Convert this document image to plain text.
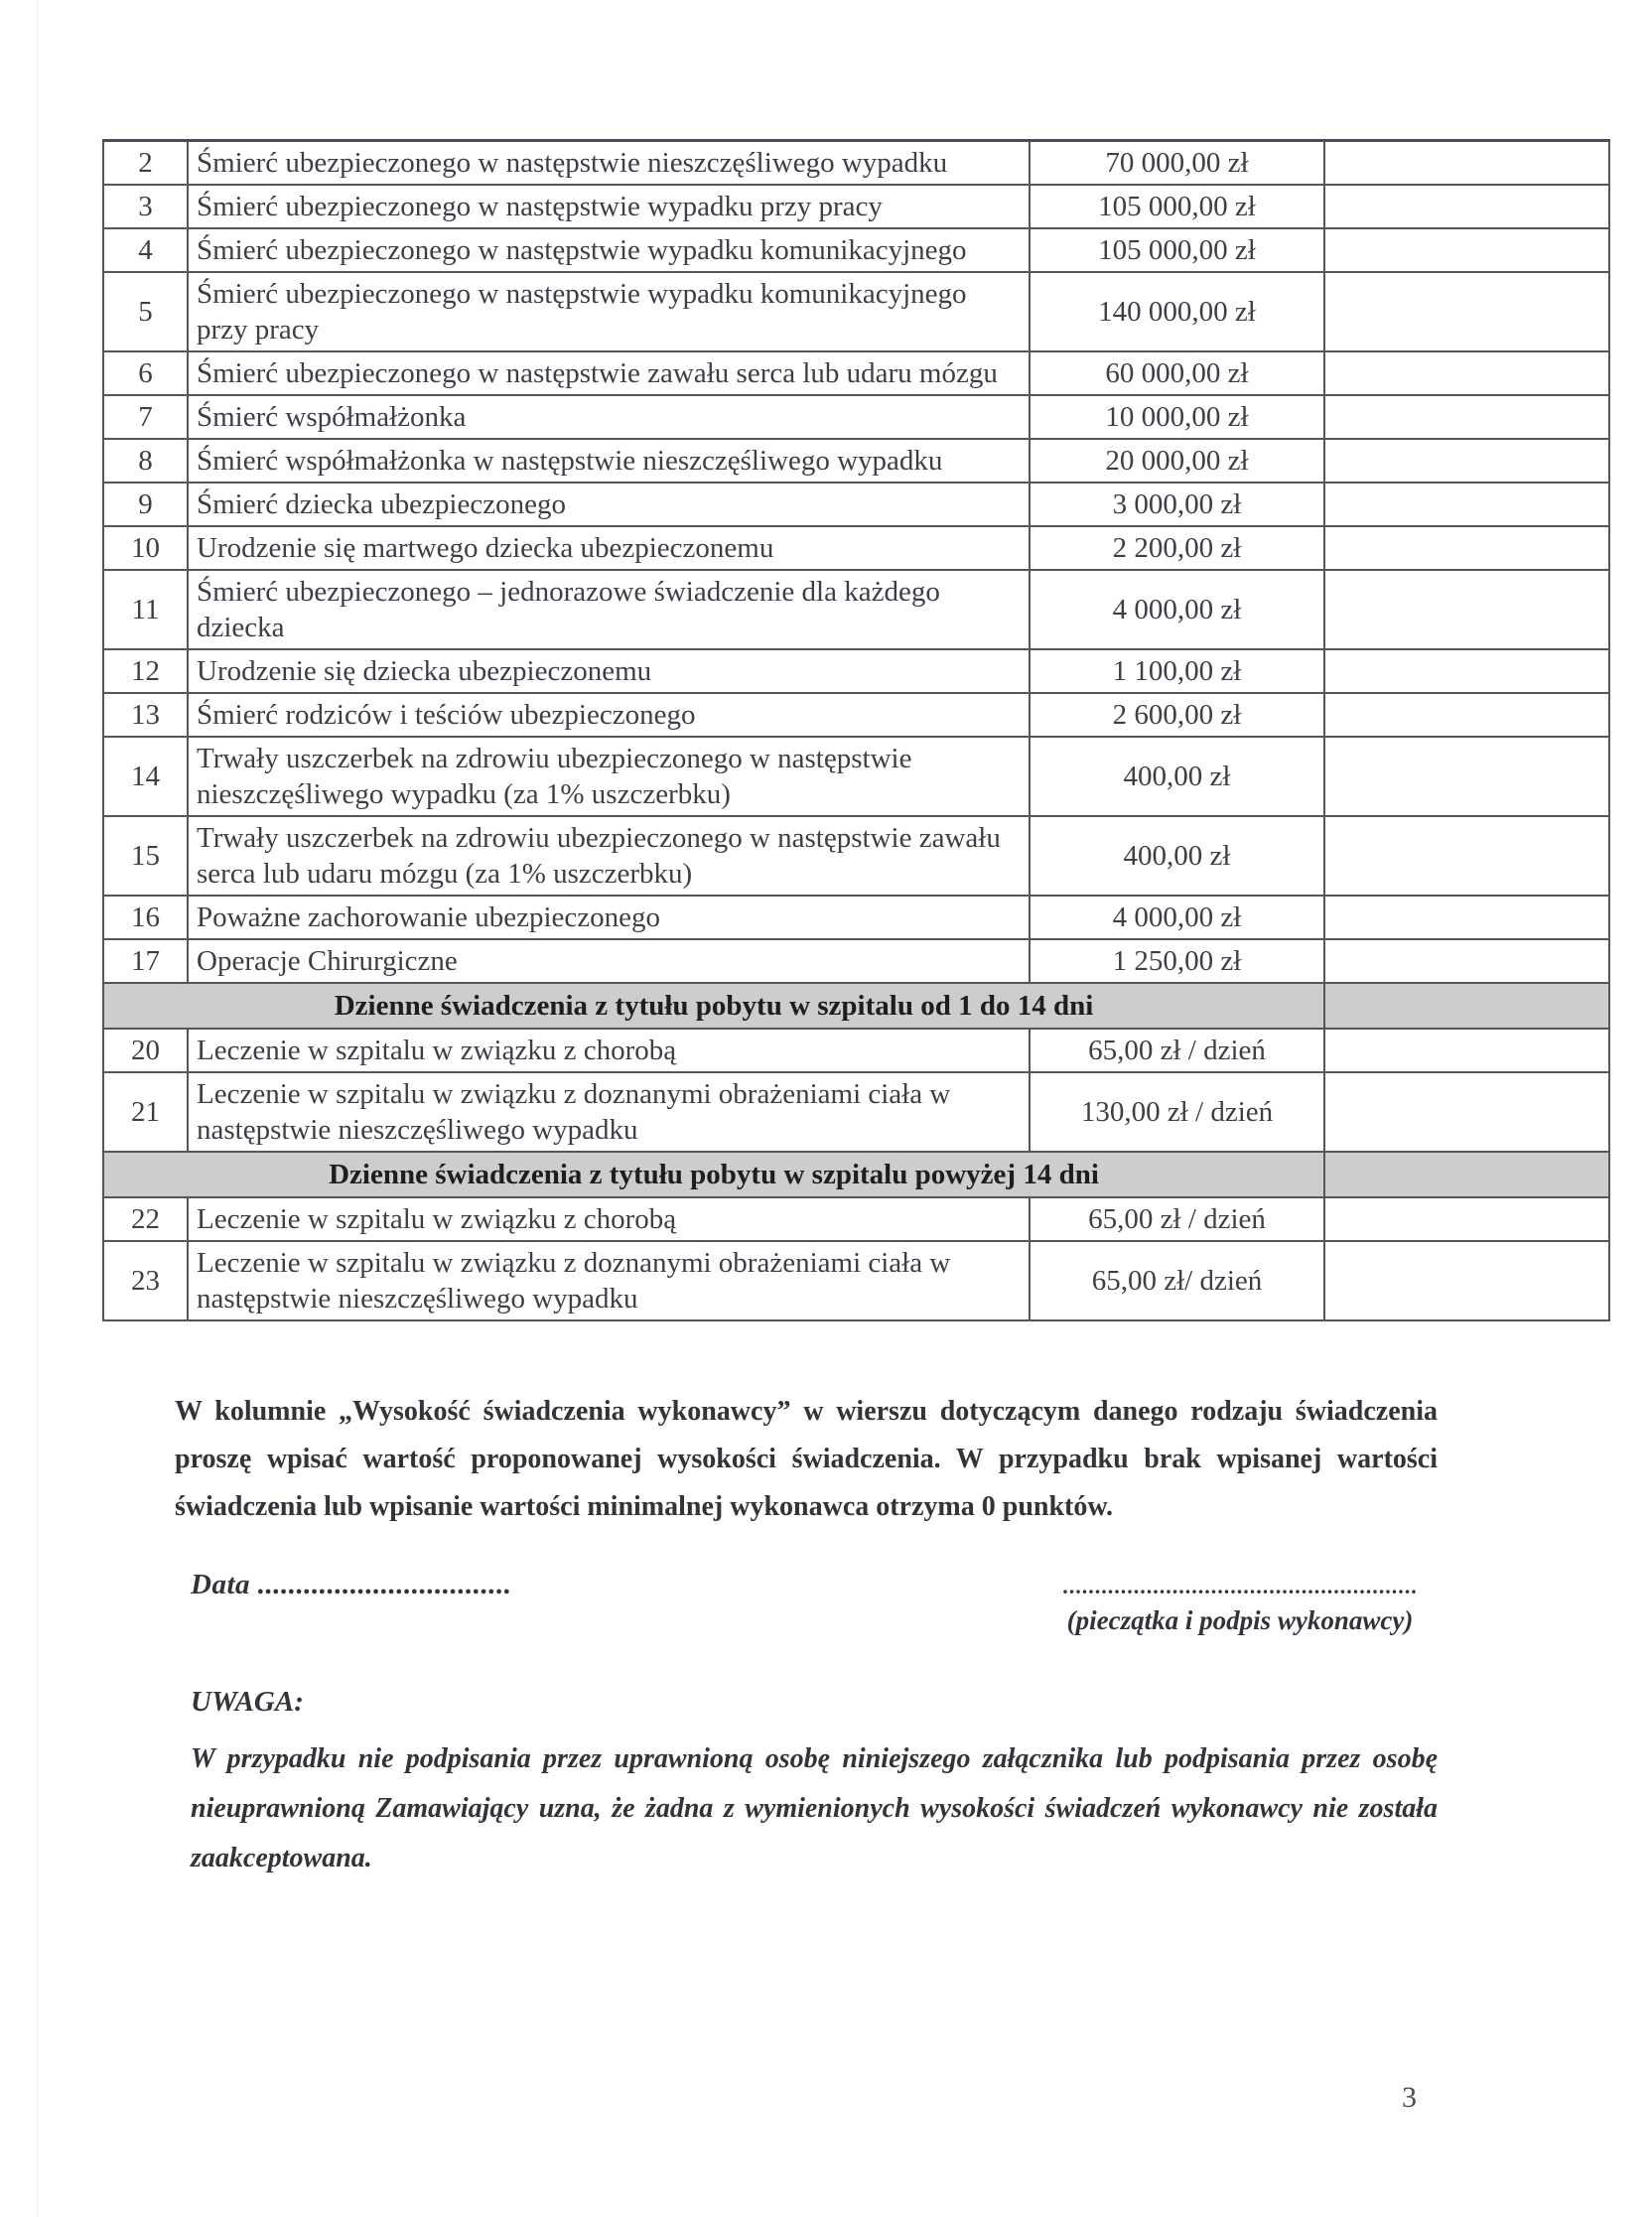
2	Śmierć ubezpieczonego w następstwie nieszczęśliwego wypadku	70 000,00 zł	
3	Śmierć ubezpieczonego w następstwie wypadku przy pracy	105 000,00 zł	
4	Śmierć ubezpieczonego w następstwie wypadku komunikacyjnego	105 000,00 zł	
5	Śmierć ubezpieczonego w następstwie wypadku komunikacyjnego przy pracy	140 000,00 zł	
6	Śmierć ubezpieczonego w następstwie zawału serca lub udaru mózgu	60 000,00 zł	
7	Śmierć współmałżonka	10 000,00 zł	
8	Śmierć współmałżonka w następstwie nieszczęśliwego wypadku	20 000,00 zł	
9	Śmierć dziecka ubezpieczonego	3 000,00 zł	
10	Urodzenie się martwego dziecka ubezpieczonemu	2 200,00 zł	
11	Śmierć ubezpieczonego – jednorazowe świadczenie dla każdego dziecka	4 000,00 zł	
12	Urodzenie się dziecka ubezpieczonemu	1 100,00 zł	
13	Śmierć rodziców i teściów ubezpieczonego	2 600,00 zł	
14	Trwały uszczerbek na zdrowiu ubezpieczonego w następstwie nieszczęśliwego wypadku (za 1% uszczerbku)	400,00 zł	
15	Trwały uszczerbek na zdrowiu ubezpieczonego w następstwie zawału serca lub udaru mózgu (za 1% uszczerbku)	400,00 zł	
16	Poważne zachorowanie ubezpieczonego	4 000,00 zł	
17	Operacje Chirurgiczne	1 250,00 zł	
Dzienne świadczenia z tytułu pobytu w szpitalu od 1 do 14 dni			
20	Leczenie w szpitalu w związku z chorobą	65,00 zł / dzień	
21	Leczenie w szpitalu w związku z doznanymi obrażeniami ciała w następstwie nieszczęśliwego wypadku	130,00 zł / dzień	
Dzienne świadczenia z tytułu pobytu w szpitalu powyżej 14 dni			
22	Leczenie w szpitalu w związku z chorobą	65,00 zł / dzień	
23	Leczenie w szpitalu w związku z doznanymi obrażeniami ciała w następstwie nieszczęśliwego wypadku	65,00 zł/ dzień	
W kolumnie „Wysokość świadczenia wykonawcy” w wierszu dotyczącym danego rodzaju świadczenia proszę wpisać wartość proponowanej wysokości świadczenia. W przypadku brak wpisanej wartości świadczenia lub wpisanie wartości minimalnej wykonawca otrzyma 0 punktów.
Data .................................	.......................................................
(pieczątka i podpis wykonawcy)
UWAGA:
W przypadku nie podpisania przez uprawnioną osobę niniejszego załącznika lub podpisania przez osobę nieuprawnioną Zamawiający uzna, że żadna z wymienionych wysokości świadczeń wykonawcy nie została zaakceptowana.
3
